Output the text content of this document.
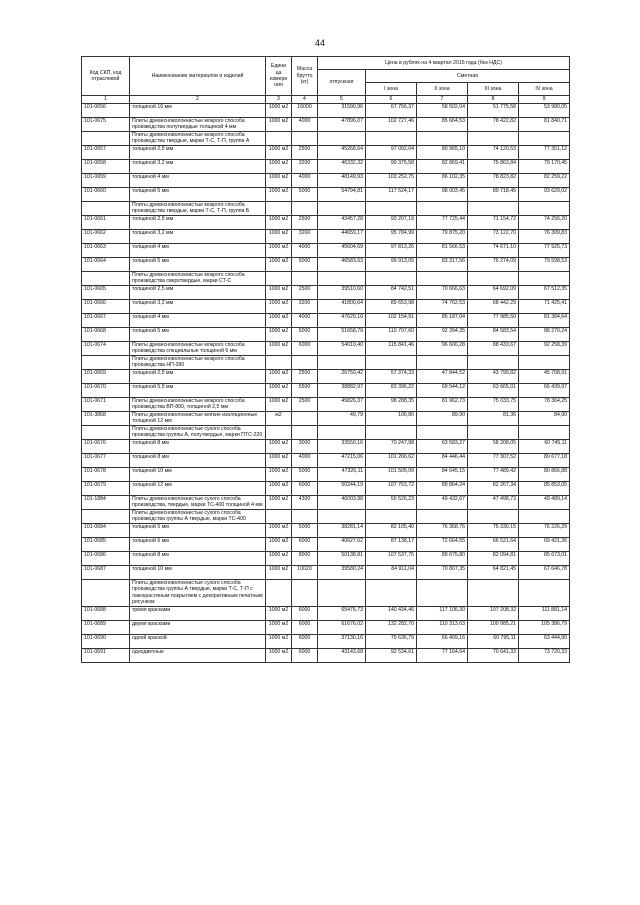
44
Код СКП, код отраслевой	Наименование материалов и изделий	Едини ца измере ния	Масса брутто (кг)	Цена в рублях на 4 квартал 2015 года (без НДС)				
				отпускная	Сметная			
					I зона	II зона	III зона	IV зона
1	2	3	4	5	6	7	8	9
101-0656	толщиной 16 мм	1000 м2	16000	31590,96	67 756,37	58 502,04	51 775,58	53 980,05
101-0675	Плиты древесноволокнистые мокрого способа производства полутвердые толщиной 4 мм	1000 м2	4000	47896,07	102 727,46	85 664,53	78 422,82	81 840,71
	Плиты древесноволокнистые мокрого способа производства твердые, марки Т-С, Т-П, группа А							
101-0657	толщиной 2,5 мм	1000 м2	2500	45268,64	97 092,04	80 965,10	74 120,53	77 351,12
101-0658	толщиной 3,2 мм	1000 м2	3200	46332,32	99 375,58	82 869,41	75 863,84	79 170,45
101-0659	толщиной 4 мм	1000 м2	4000	48149,93	103 252,75	86 102,35	78 823,82	82 259,22
101-0660	толщиной 5 мм	1000 м2	5000	54794,81	117 524,17	98 003,45	89 718,45	93 629,02
	Плиты древесноволокнистые мокрого способа производства твердые, марки Т-С, Т-П, группа Б							
101-0661	толщиной 2,5 мм	1000 м2	2500	43457,28	93 207,19	77 725,44	71 154,72	74 256,20
101-0662	толщиной 3,2 мм	1000 м2	3200	44659,17	95 784,99	79 875,20	73 122,70	76 309,83
101-0663	толщиной 4 мм	1000 м2	4000	45604,69	97 813,26	81 566,53	74 671,10	77 925,73
101-0664	толщиной 5 мм	1000 м2	5000	46583,63	99 913,05	83 317,56	76 274,09	79 598,53
	Плиты древесноволокнистые мокрого способа производства сверхтвердые, марки СТ-С							
101-0665	толщиной 2,5 мм	1000 м2	2500	39510,60	84 742,51	70 666,63	64 692,09	67 512,35
101-0666	толщиной 3,2 мм	1000 м2	3200	41800,64	89 653,98	74 762,53	68 442,29	71 425,41
101-0667	толщиной 4 мм	1000 м2	4000	47629,10	102 154,91	85 187,04	77 985,50	81 384,64
101-0668	толщиной 5 мм	1000 м2	5000	51658,79	110 797,60	92 394,35	84 583,54	88 270,24
101-0674	Плиты древесноволокнистые мокрого способа производства специальные толщиной 6 мм	1000 м2	6000	54010,40	115 841,46	96 600,28	88 433,67	92 258,39
	Плиты древесноволокнистые мокрого способа производства НП-280							
101-0669	толщиной 2,5 мм	1000 м2	2500	26750,42	57 374,33	47 844,52	43 799,82	45 708,91
101-0670	толщиной 5,5 мм	1000 м2	5500	38882,97	83 396,22	69 544,12	63 665,01	66 439,97
101-0671	Плиты древесноволокнистые мокрого способа производства ВП-800, толщиной 2,5 мм	1000 м2	2500	45826,37	98 288,35	81 962,73	75 033,75	78 364,25
101-3868	Плиты древесноволокнистые мягкие изоляционные толщиной 12 мм	м2		49,79	106,80	89,90	81,36	84,90
	Плиты древесноволокнистые сухого способа производства группы А, полутвердые, марки ПТС-220							
101-0676	толщиной 8 мм	1000 м2	3000	33550,16	70 247,98	63 583,27	58 208,05	60 745,11
101-0677	толщиной 8 мм	1000 м2	4000	47215,06	101 266,62	84 446,44	77 307,52	80 677,18
101-0678	толщиной 10 мм	1000 м2	5000	47326,11	101 505,09	84 645,15	77 489,42	80 866,88
101-0679	толщиной 12 мм	1000 м2	6000	50244,19	107 763,72	89 864,24	82 267,34	85 853,05
101-1884	Плиты древесноволокнистые сухого способа производства, твердые, марки ТС-400 толщиной 4 мм	1000 м2	4300	46003,98	50 526,23	49 432,67	47 498,73	49 489,14
	Плиты древесноволокнистые сухого способа производства группы А твердые, марки ТС-400							
101-0684	толщиной 5 мм	1000 м2	5000	38281,14	82 105,40	76 368,76	75 330,15	76 226,29
101-0685	толщиной 6 мм	1000 м2	6000	40627,62	87 138,17	72 664,55	66 521,64	69 421,36
101-0686	толщиной 8 мм	1000 м2	8000	50138,81	107 537,75	89 675,80	82 094,81	85 673,01
101-0687	толщиной 10 мм	1000 м2	10020	39580,24	84 911,04	70 807,35	64 821,45	67 646,78
	Плиты древесноволокнистые сухого способа производства группы А твердые, марки Т-С, Т-П с лакокрасочным покрытием с декоративным печатным рисунком							
101-0688	тремя красками	1000 м2	6000	65476,73	140 434,46	117 106,30	107 208,32	111 881,14
101-0689	двумя красками	1000 м2	6000	61676,02	132 282,70	110 313,63	100 985,21	105 386,79
101-0690	одной краской	1000 м2	6000	37130,16	79 636,79	66 409,16	60 795,11	63 444,90
101-0691	однодветные	1000 м2	6000	43143,68	92 534,61	77 164,64	70 641,33	73 720,33
